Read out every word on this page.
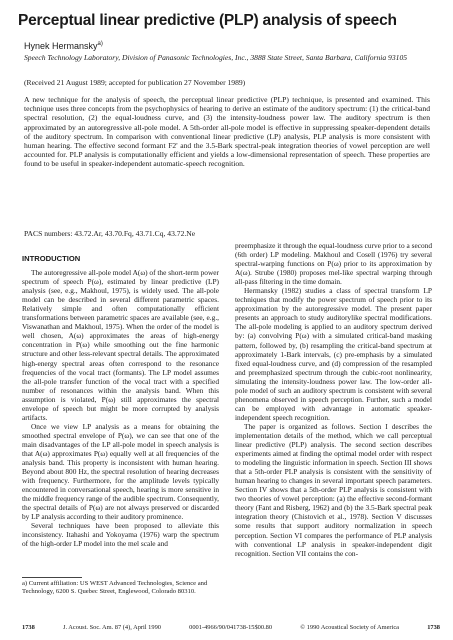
Perceptual linear predictive (PLP) analysis of speech
Hynek Hermansky$^{a)}$
Speech Technology Laboratory, Division of Panasonic Technologies, Inc., 3888 State Street, Santa Barbara, California 93105
(Received 21 August 1989; accepted for publication 27 November 1989)
A new technique for the analysis of speech, the perceptual linear predictive (PLP) technique, is presented and examined. This technique uses three concepts from the psychophysics of hearing to derive an estimate of the auditory spectrum: (1) the critical-band spectral resolution, (2) the equal-loudness curve, and (3) the intensity-loudness power law. The auditory spectrum is then approximated by an autoregressive all-pole model. A 5th-order all-pole model is effective in suppressing speaker-dependent details of the auditory spectrum. In comparison with conventional linear predictive (LP) analysis, PLP analysis is more consistent with human hearing. The effective second formant F2' and the 3.5-Bark spectral-peak integration theories of vowel perception are well accounted for. PLP analysis is computationally efficient and yields a low-dimensional representation of speech. These properties are found to be useful in speaker-independent automatic-speech recognition.
PACS numbers: 43.72.Ar, 43.70.Fq, 43.71.Cq, 43.72.Ne
INTRODUCTION

The autoregressive all-pole model A(ω) of the short-term power spectrum of speech P(ω), estimated by linear predictive (LP) analysis (see, e.g., Makhoul, 1975), is widely used. The all-pole model can be described in several different parametric spaces. Relatively simple and often computationally efficient transformations between parametric spaces are available (see, e.g., Viswanathan and Makhoul, 1975). When the order of the model is well chosen, A(ω) approximates the areas of high-energy concentration in P(ω) while smoothing out the fine harmonic structure and other less-relevant spectral details. The approximated high-energy spectral areas often correspond to the resonance frequencies of the vocal tract (formants). The LP model assumes the all-pole transfer function of the vocal tract with a specified number of resonances within the analysis band. When this assumption is violated, P(ω) still approximates the spectral envelope of speech but might be more corrupted by analysis artifacts.

Once we view LP analysis as a means for obtaining the smoothed spectral envelope of P(ω), we can see that one of the main disadvantages of the LP all-pole model in speech analysis is that A(ω) approximates P(ω) equally well at all frequencies of the analysis band. This property is inconsistent with human hearing. Beyond about 800 Hz, the spectral resolution of hearing decreases with frequency. Furthermore, for the amplitude levels typically encountered in conversational speech, hearing is more sensitive in the middle frequency range of the audible spectrum. Consequently, the spectral details of P(ω) are not always preserved or discarded by LP analysis according to their auditory prominence.

Several techniques have been proposed to alleviate this inconsistency. Itahashi and Yokoyama (1976) warp the spectrum of the high-order LP model into the mel scale and

preemphasize it through the equal-loudness curve prior to a second (6th order) LP modeling. Makhoul and Cosell (1976) try several spectral-warping functions on P(ω) prior to its approximation by A(ω). Strube (1980) proposes mel-like spectral warping through all-pass filtering in the time domain.

Hermansky (1982) studies a class of spectral transform LP techniques that modify the power spectrum of speech prior to its approximation by the autoregressive model. The present paper presents an approach to study auditorylike spectral modifications. The all-pole modeling is applied to an auditory spectrum derived by: (a) convolving P(ω) with a simulated critical-band masking pattern, followed by, (b) resampling the critical-band spectrum at approximately 1-Bark intervals, (c) pre-emphasis by a simulated fixed equal-loudness curve, and (d) compression of the resampled and preemphasized spectrum through the cubic-root nonlinearity, simulating the intensity-loudness power law. The low-order all-pole model of such an auditory spectrum is consistent with several phenomena observed in speech perception. Further, such a model can be employed with advantage in automatic speaker-independent speech recognition.

The paper is organized as follows. Section I describes the implementation details of the method, which we call perceptual linear predictive (PLP) analysis. The second section describes experiments aimed at finding the optimal model order with respect to modeling the linguistic information in speech. Section III shows that a 5th-order PLP analysis is consistent with the sensitivity of human hearing to changes in several important speech parameters. Section IV shows that a 5th-order PLP analysis is consistent with two theories of vowel perception: (a) the effective second-formant theory (Fant and Risberg, 1962) and (b) the 3.5-Bark spectral peak integration theory (Chistovich et al., 1978). Section V discusses some results that support auditory normalization in speech perception. Section VI compares the performance of PLP analysis with conventional LP analysis in speaker-independent digit recognition. Section VII contains the con-

a) Current affiliation: US WEST Advanced Technologies, Science and Technology, 6200 S. Quebec Street, Englewood, Colorado 80310.
1738	J. Acoust. Soc. Am. 87 (4), April 1990	0001-4966/90/041738-15$00.80	© 1990 Acoustical Society of America	1738
